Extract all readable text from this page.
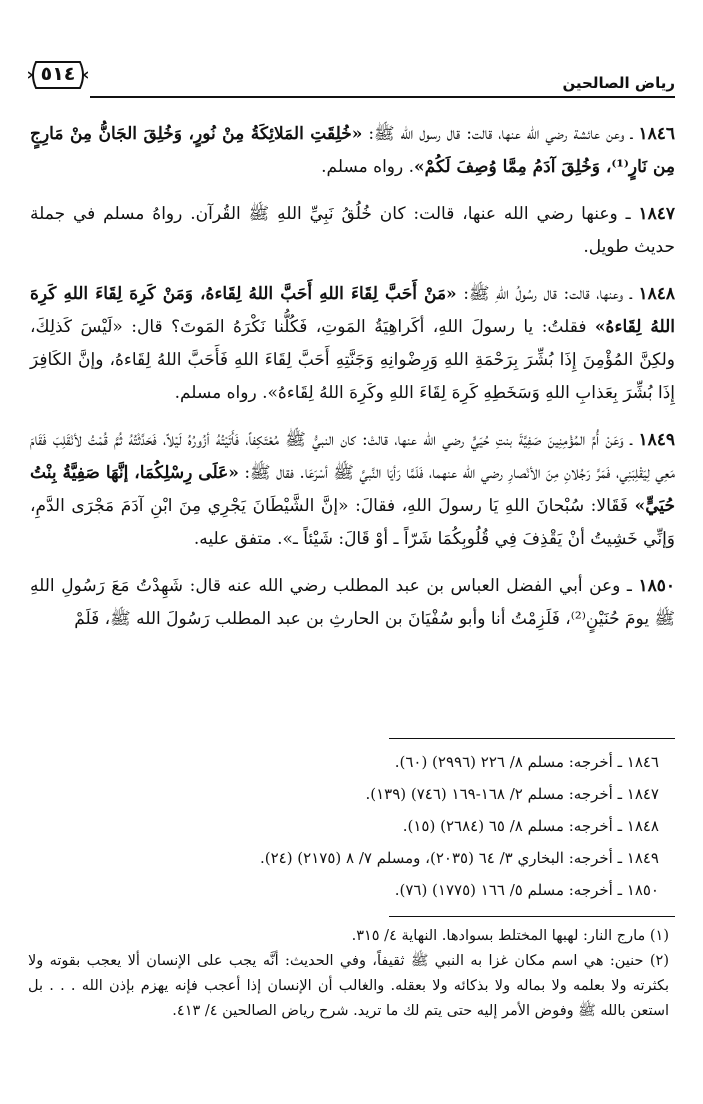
رياض الصالحين
٥١٤

١٨٤٦ ـ وعن عائشة رضي الله عنها، قالت: قال رسول الله ﷺ: «خُلِقَتِ المَلائِكَةُ مِنْ نُورٍ، وَخُلِقَ الجَانُّ مِنْ مَارِجٍ مِن نَارٍ⁽¹⁾، وَخُلِقَ آدَمُ مِمَّا وُصِفَ لَكُمْ». رواه مسلم.

١٨٤٧ ـ وعنها رضي الله عنها، قالت: كان خُلُقُ نَبِيِّ اللهِ ﷺ القُرآن. رواهُ مسلم في جملة حديث طويل.

١٨٤٨ ـ وعنها، قالت: قال رسُولُ اللهِ ﷺ: «مَنْ أَحَبَّ لِقَاءَ اللهِ أَحَبَّ اللهُ لِقَاءهُ، وَمَنْ كَرِهَ لِقَاءَ اللهِ كَرِهَ اللهُ لِقَاءهُ» فقلتُ: يا رسولَ اللهِ، أكَراهِيَةُ المَوتِ، فَكُلُّنا نَكْرَهُ المَوتَ؟ قال: «لَيْسَ كَذلِكَ، ولكِنَّ المُؤْمِنَ إِذَا بُشِّرَ بِرَحْمَةِ اللهِ وَرِضْوانِهِ وَجَنَّتِهِ أَحَبَّ لِقَاءَ اللهِ فَأَحَبَّ اللهُ لِقَاءهُ، وإنَّ الكَافِرَ إِذَا بُشِّرَ بِعَذابِ اللهِ وَسَخَطِهِ كَرِهَ لِقَاءَ اللهِ وكَرِهَ اللهُ لِقَاءهُ». رواه مسلم.

١٨٤٩ ـ وَعَنْ أُمِّ المُؤْمِنِينَ صَفِيَّةَ بنتِ حُيَيٍّ رضي الله عنها، قالتْ: كان النبيُّ ﷺ مُعْتَكِفاً، فَأَتَيْتُهُ أزُورُهُ لَيْلاً، فَحَدَّثْتُهُ ثُمَّ قُمْتُ لأنْقَلِبَ فَقَامَ مَعِي لِيَقْلِبَنِي، فَمَرَّ رَجُلانِ مِنَ الأنْصارِ رضي الله عنهما، فَلَمَّا رَأيَا النَّبيَّ ﷺ أسْرَعَا. فقال ﷺ: «عَلَى رِسْلِكُمَا، إنَّهَا صَفِيَّةُ بِنْتُ حُيَيٍّ» فَقَالا: سُبْحانَ اللهِ يَا رسولَ اللهِ، فقالَ: «إنَّ الشَّيْطَانَ يَجْرِي مِنَ ابْنِ آدَمَ مَجْرَى الدَّمِ، وَإنِّي خَشِيتُ أنْ يَقْذِفَ فِي قُلُوبِكُمَا شَرّاً ـ أوْ قَالَ: شَيْئاً ـ». متفق عليه.

١٨٥٠ ـ وعن أبي الفضل العباس بن عبد المطلب رضي الله عنه قال: شَهِدْتُ مَعَ رَسُولِ اللهِ ﷺ يومَ حُنَيْنٍ⁽²⁾، فَلَزِمْتُ أنا وأبو سُفْيَانَ بن الحارثِ بن عبد المطلب رَسُولَ الله ﷺ، فَلَمْ

١٨٤٦ ـ أخرجه: مسلم ٨/ ٢٢٦ (٢٩٩٦) (٦٠).
١٨٤٧ ـ أخرجه: مسلم ٢/ ١٦٨-١٦٩ (٧٤٦) (١٣٩).
١٨٤٨ ـ أخرجه: مسلم ٨/ ٦٥ (٢٦٨٤) (١٥).
١٨٤٩ ـ أخرجه: البخاري ٣/ ٦٤ (٢٠٣٥)، ومسلم ٧/ ٨ (٢١٧٥) (٢٤).
١٨٥٠ ـ أخرجه: مسلم ٥/ ١٦٦ (١٧٧٥) (٧٦).

(١) مارج النار: لهبها المختلط بسوادها. النهاية ٤/ ٣١٥.

(٢) حنين: هي اسم مكان غزا به النبي ﷺ ثقيفاً، وفي الحديث: أنَّه يجب على الإنسان ألا يعجب بقوته ولا بكثرته ولا بعلمه ولا بماله ولا بذكائه ولا بعقله. والغالب أن الإنسان إذا أعجب فإنه يهزم بإذن الله . . . بل استعن بالله ﷺ وفوض الأمر إليه حتى يتم لك ما تريد. شرح رياض الصالحين ٤/ ٤١٣.
